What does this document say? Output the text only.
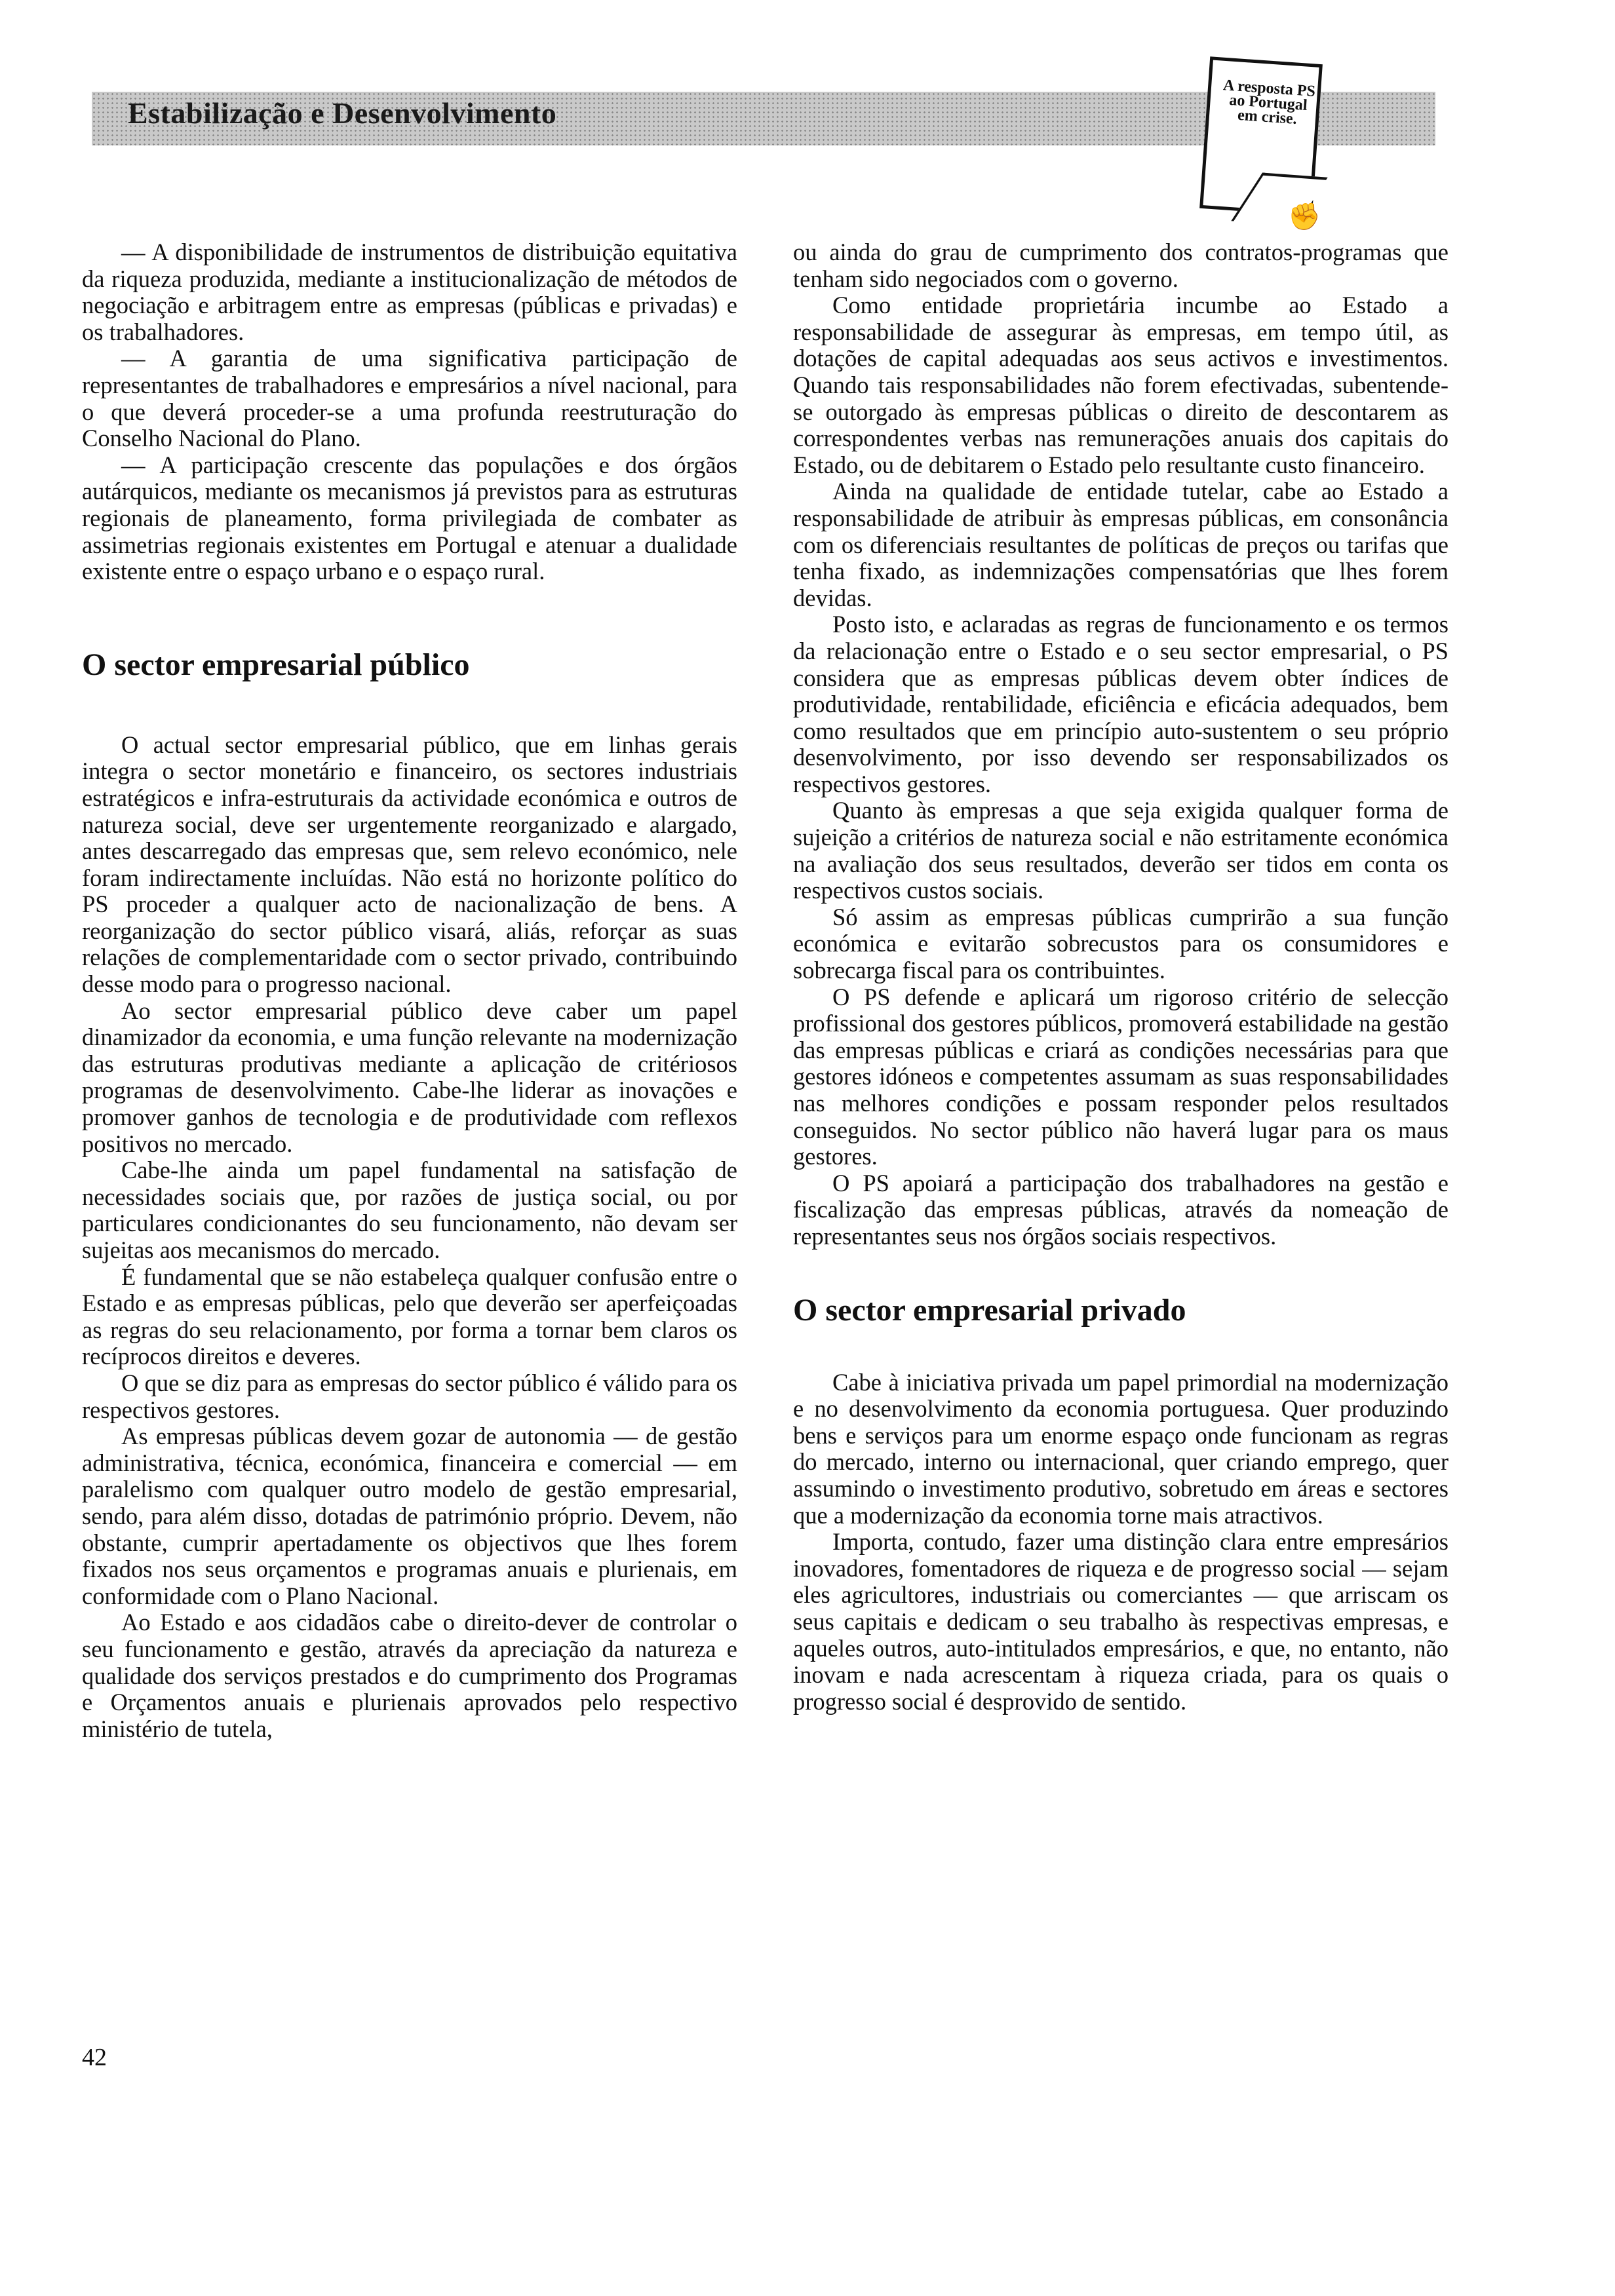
Estabilização e Desenvolvimento
A resposta PS ao Portugal em crise.
✊

— A disponibilidade de instrumentos de distribuição equitativa da riqueza produzida, mediante a institucionalização de métodos de negociação e arbitragem entre as empresas (públicas e privadas) e os trabalhadores.

— A garantia de uma significativa participação de representantes de trabalhadores e empresários a nível nacional, para o que deverá proceder-se a uma profunda reestruturação do Conselho Nacional do Plano.

— A participação crescente das populações e dos órgãos autárquicos, mediante os mecanismos já previstos para as estruturas regionais de planeamento, forma privilegiada de combater as assimetrias regionais existentes em Portugal e atenuar a dualidade existente entre o espaço urbano e o espaço rural.

O sector empresarial público

O actual sector empresarial público, que em linhas gerais integra o sector monetário e financeiro, os sectores industriais estratégicos e infra-estruturais da actividade económica e outros de natureza social, deve ser urgentemente reorganizado e alargado, antes descarregado das empresas que, sem relevo económico, nele foram indirectamente incluídas. Não está no horizonte político do PS proceder a qualquer acto de nacionalização de bens. A reorganização do sector público visará, aliás, reforçar as suas relações de complementaridade com o sector privado, contribuindo desse modo para o progresso nacional.

Ao sector empresarial público deve caber um papel dinamizador da economia, e uma função relevante na modernização das estruturas produtivas mediante a aplicação de critériosos programas de desenvolvimento. Cabe-lhe liderar as inovações e promover ganhos de tecnologia e de produtividade com reflexos positivos no mercado.

Cabe-lhe ainda um papel fundamental na satisfação de necessidades sociais que, por razões de justiça social, ou por particulares condicionantes do seu funcionamento, não devam ser sujeitas aos mecanismos do mercado.

É fundamental que se não estabeleça qualquer confusão entre o Estado e as empresas públicas, pelo que deverão ser aperfeiçoadas as regras do seu relacionamento, por forma a tornar bem claros os recíprocos direitos e deveres.

O que se diz para as empresas do sector público é válido para os respectivos gestores.

As empresas públicas devem gozar de autonomia — de gestão administrativa, técnica, económica, financeira e comercial — em paralelismo com qualquer outro modelo de gestão empresarial, sendo, para além disso, dotadas de património próprio. Devem, não obstante, cumprir apertadamente os objectivos que lhes forem fixados nos seus orçamentos e programas anuais e plurienais, em conformidade com o Plano Nacional.

Ao Estado e aos cidadãos cabe o direito-dever de controlar o seu funcionamento e gestão, através da apreciação da natureza e qualidade dos serviços prestados e do cumprimento dos Programas e Orçamentos anuais e plurienais aprovados pelo respectivo ministério de tutela,

ou ainda do grau de cumprimento dos contratos-programas que tenham sido negociados com o governo.

Como entidade proprietária incumbe ao Estado a responsabilidade de assegurar às empresas, em tempo útil, as dotações de capital adequadas aos seus activos e investimentos. Quando tais responsabilidades não forem efectivadas, subentende-se outorgado às empresas públicas o direito de descontarem as correspondentes verbas nas remunerações anuais dos capitais do Estado, ou de debitarem o Estado pelo resultante custo financeiro.

Ainda na qualidade de entidade tutelar, cabe ao Estado a responsabilidade de atribuir às empresas públicas, em consonância com os diferenciais resultantes de políticas de preços ou tarifas que tenha fixado, as indemnizações compensatórias que lhes forem devidas.

Posto isto, e aclaradas as regras de funcionamento e os termos da relacionação entre o Estado e o seu sector empresarial, o PS considera que as empresas públicas devem obter índices de produtividade, rentabilidade, eficiência e eficácia adequados, bem como resultados que em princípio auto-sustentem o seu próprio desenvolvimento, por isso devendo ser responsabilizados os respectivos gestores.

Quanto às empresas a que seja exigida qualquer forma de sujeição a critérios de natureza social e não estritamente económica na avaliação dos seus resultados, deverão ser tidos em conta os respectivos custos sociais.

Só assim as empresas públicas cumprirão a sua função económica e evitarão sobrecustos para os consumidores e sobrecarga fiscal para os contribuintes.

O PS defende e aplicará um rigoroso critério de selecção profissional dos gestores públicos, promoverá estabilidade na gestão das empresas públicas e criará as condições necessárias para que gestores idóneos e competentes assumam as suas responsabilidades nas melhores condições e possam responder pelos resultados conseguidos. No sector público não haverá lugar para os maus gestores.

O PS apoiará a participação dos trabalhadores na gestão e fiscalização das empresas públicas, através da nomeação de representantes seus nos órgãos sociais respectivos.

O sector empresarial privado

Cabe à iniciativa privada um papel primordial na modernização e no desenvolvimento da economia portuguesa. Quer produzindo bens e serviços para um enorme espaço onde funcionam as regras do mercado, interno ou internacional, quer criando emprego, quer assumindo o investimento produtivo, sobretudo em áreas e sectores que a modernização da economia torne mais atractivos.

Importa, contudo, fazer uma distinção clara entre empresários inovadores, fomentadores de riqueza e de progresso social — sejam eles agricultores, industriais ou comerciantes — que arriscam os seus capitais e dedicam o seu trabalho às respectivas empresas, e aqueles outros, auto-intitulados empresários, e que, no entanto, não inovam e nada acrescentam à riqueza criada, para os quais o progresso social é desprovido de sentido.

42
